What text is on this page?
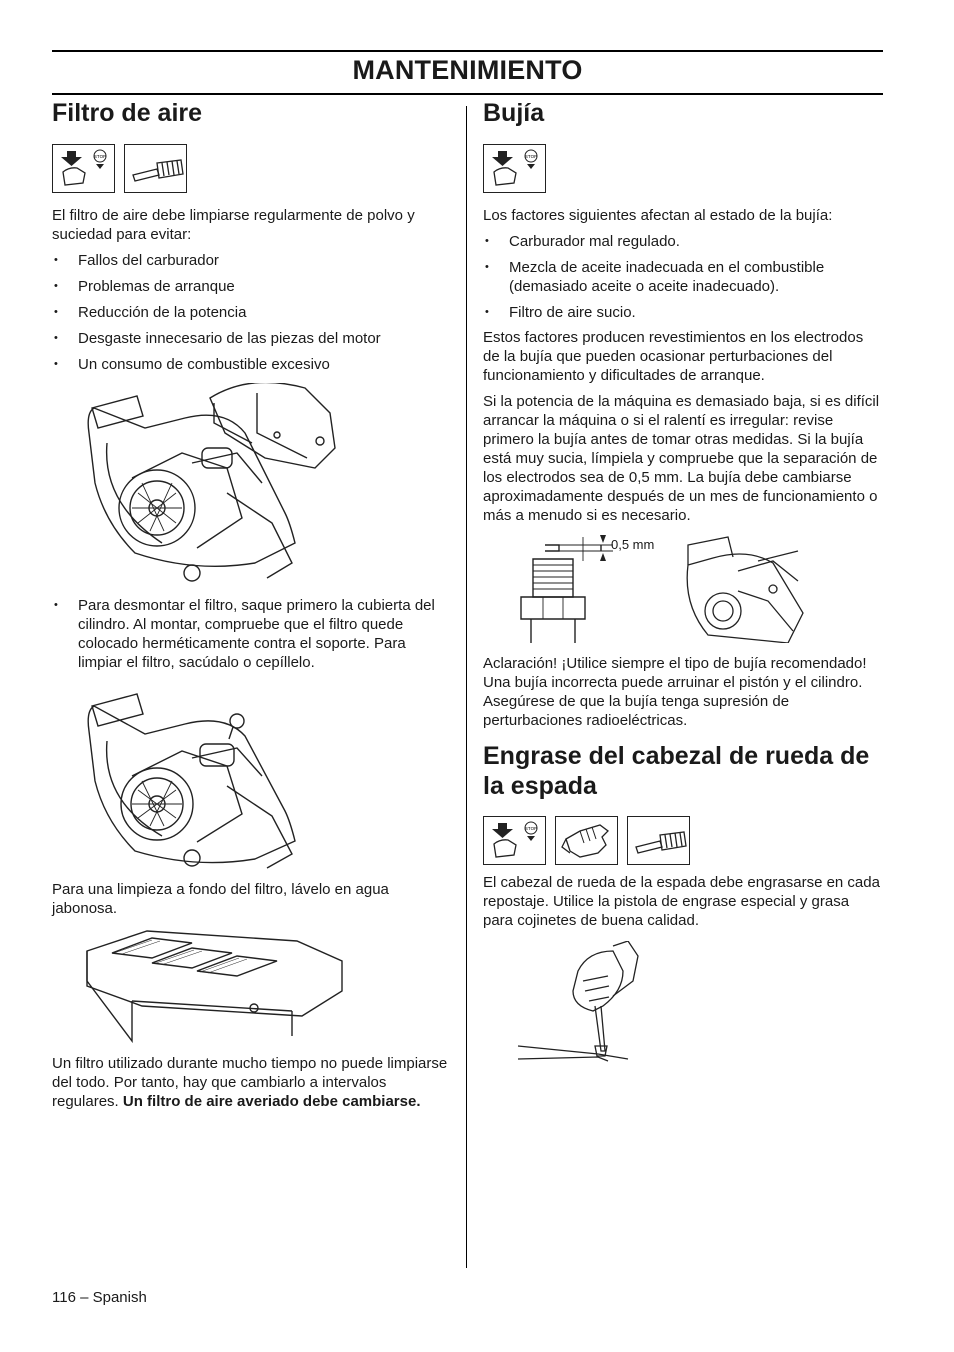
MANTENIMIENTO
Filtro de aire
STOP

El filtro de aire debe limpiarse regularmente de polvo y suciedad para evitar:

• Fallos del carburador
• Problemas de arranque
• Reducción de la potencia
• Desgaste innecesario de las piezas del motor
• Un consumo de combustible excesivo
• Para desmontar el filtro, saque primero la cubierta del cilindro. Al montar, compruebe que el filtro quede colocado herméticamente contra el soporte. Para limpiar el filtro, sacúdalo o cepíllelo.

Para una limpieza a fondo del filtro, lávelo en agua jabonosa.

Un filtro utilizado durante mucho tiempo no puede limpiarse del todo. Por tanto, hay que cambiarlo a intervalos regulares. Un filtro de aire averiado debe cambiarse.

Bujía
STOP

Los factores siguientes afectan al estado de la bujía:

• Carburador mal regulado.
• Mezcla de aceite inadecuada en el combustible (demasiado aceite o aceite inadecuado).
• Filtro de aire sucio.

Estos factores producen revestimientos en los electrodos de la bujía que pueden ocasionar perturbaciones del funcionamiento y dificultades de arranque.

Si la potencia de la máquina es demasiado baja, si es difícil arrancar la máquina o si el ralentí es irregular: revise primero la bujía antes de tomar otras medidas. Si la bujía está muy sucia, límpiela y compruebe que la separación de los electrodos sea de 0,5 mm. La bujía debe cambiarse aproximadamente después de un mes de funcionamiento o más a menudo si es necesario.

0,5 mm

Aclaración! ¡Utilice siempre el tipo de bujía recomendado! Una bujía incorrecta puede arruinar el pistón y el cilindro. Asegúrese de que la bujía tenga supresión de perturbaciones radioeléctricas.

Engrase del cabezal de rueda de la espada
STOP

El cabezal de rueda de la espada debe engrasarse en cada repostaje. Utilice la pistola de engrase especial y grasa para cojinetes de buena calidad.

116 – Spanish
